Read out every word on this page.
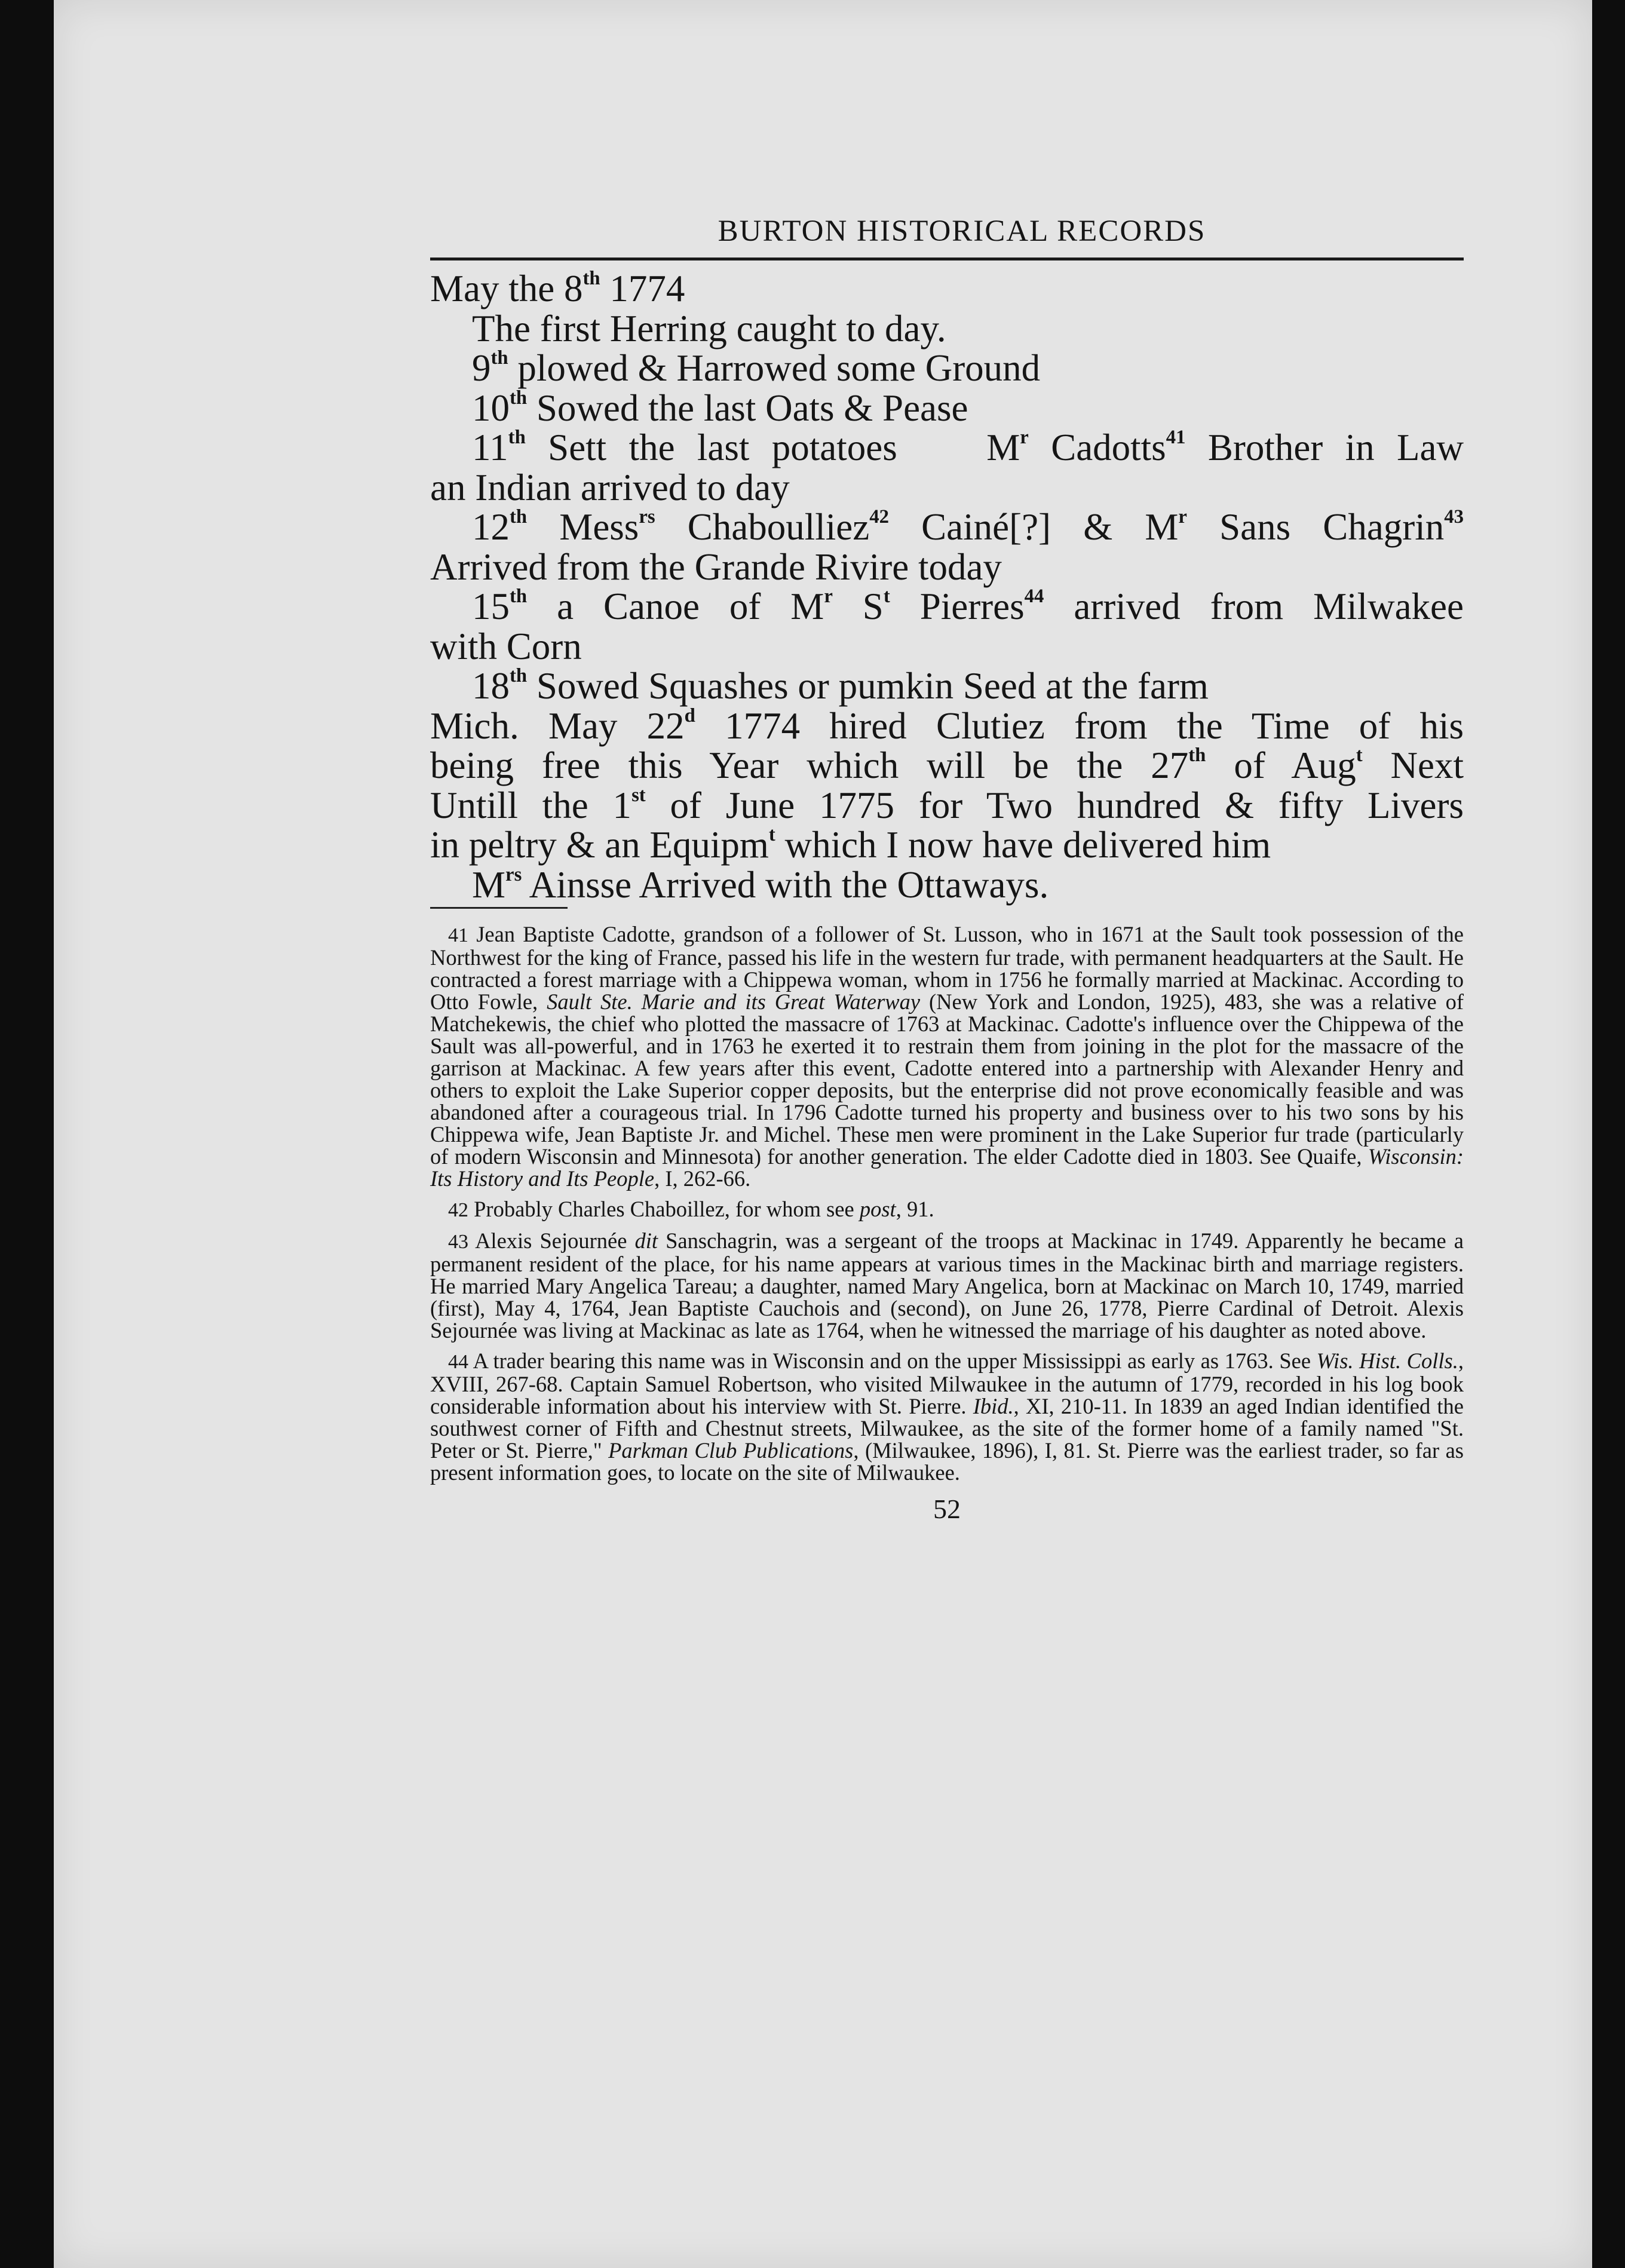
BURTON HISTORICAL RECORDS

May the 8th 1774

The first Herring caught to day.

9th plowed & Harrowed some Ground

10th Sowed the last Oats & Pease

11th Sett the last potatoes    $M^r$ Cadotts$^{41}$ Brother in Law

an Indian arrived to day

12th Mess$^{rs}$ Chaboulliez$^{42}$ Cainé[?] & $M^r$ Sans Chagrin$^{43}$

Arrived from the Grande Rivire today

15th a Canoe of $M^r$ $S^t$ Pierres$^{44}$ arrived from Milwakee

with Corn

18th Sowed Squashes or pumkin Seed at the farm

Mich. May 22$^d$ 1774 hired Clutiez from the Time of his

being free this Year which will be the 27th of Aug$^t$ Next

Untill the 1st of June 1775 for Two hundred & fifty Livers

in peltry & an Equipm$^t$ which I now have delivered him

$M^{rs}$ Ainsse Arrived with the Ottaways.

41 Jean Baptiste Cadotte, grandson of a follower of St. Lusson, who in 1671 at the Sault took possession of the Northwest for the king of France, passed his life in the western fur trade, with permanent headquarters at the Sault. He contracted a forest marriage with a Chippewa woman, whom in 1756 he formally married at Mackinac. According to Otto Fowle, Sault Ste. Marie and its Great Waterway (New York and London, 1925), 483, she was a relative of Matchekewis, the chief who plotted the massacre of 1763 at Mackinac. Cadotte's influence over the Chippewa of the Sault was all-powerful, and in 1763 he exerted it to restrain them from joining in the plot for the massacre of the garrison at Mackinac. A few years after this event, Cadotte entered into a partnership with Alexander Henry and others to exploit the Lake Superior copper deposits, but the enterprise did not prove economically feasible and was abandoned after a courageous trial. In 1796 Cadotte turned his property and business over to his two sons by his Chippewa wife, Jean Baptiste Jr. and Michel. These men were prominent in the Lake Superior fur trade (particularly of modern Wisconsin and Minnesota) for another generation. The elder Cadotte died in 1803. See Quaife, Wisconsin: Its History and Its People, I, 262-66.

42 Probably Charles Chaboillez, for whom see post, 91.

43 Alexis Sejournée dit Sanschagrin, was a sergeant of the troops at Mackinac in 1749. Apparently he became a permanent resident of the place, for his name appears at various times in the Mackinac birth and marriage registers. He married Mary Angelica Tareau; a daughter, named Mary Angelica, born at Mackinac on March 10, 1749, married (first), May 4, 1764, Jean Baptiste Cauchois and (second), on June 26, 1778, Pierre Cardinal of Detroit. Alexis Sejournée was living at Mackinac as late as 1764, when he witnessed the marriage of his daughter as noted above.

44 A trader bearing this name was in Wisconsin and on the upper Mississippi as early as 1763. See Wis. Hist. Colls., XVIII, 267-68. Captain Samuel Robertson, who visited Milwaukee in the autumn of 1779, recorded in his log book considerable information about his interview with St. Pierre. Ibid., XI, 210-11. In 1839 an aged Indian identified the southwest corner of Fifth and Chestnut streets, Milwaukee, as the site of the former home of a family named "St. Peter or St. Pierre," Parkman Club Publications, (Milwaukee, 1896), I, 81. St. Pierre was the earliest trader, so far as present information goes, to locate on the site of Milwaukee.

52
